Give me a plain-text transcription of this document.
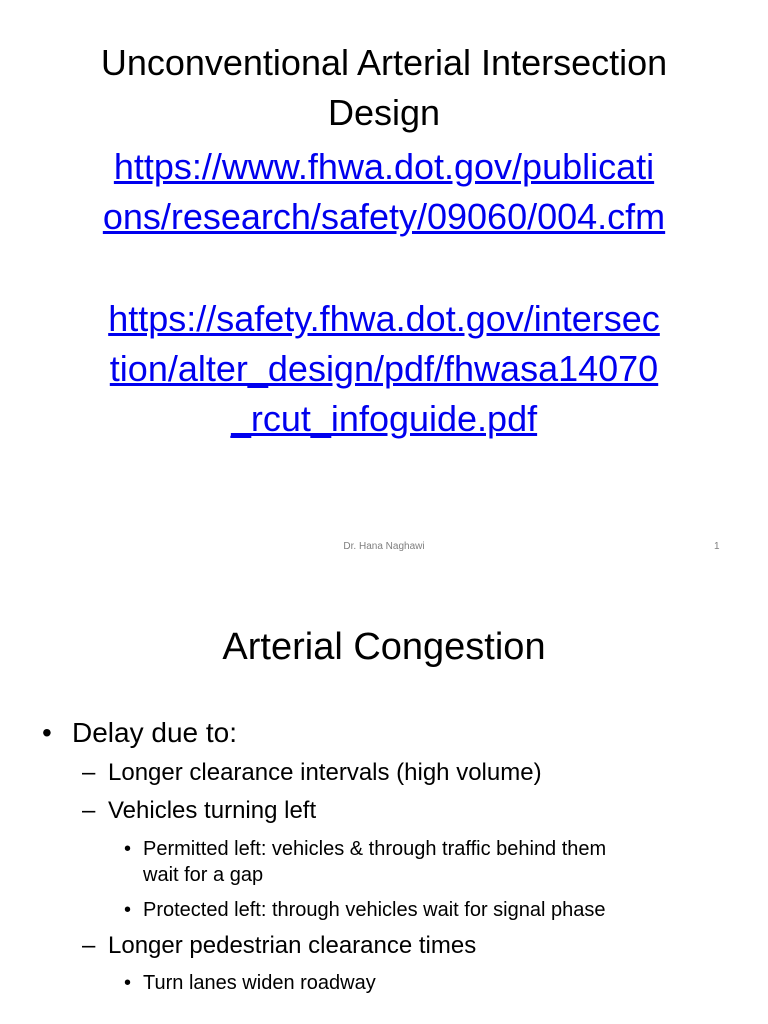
Unconventional Arterial Intersection
Design
https://www.fhwa.dot.gov/publicati
ons/research/safety/09060/004.cfm
https://safety.fhwa.dot.gov/intersec
tion/alter_design/pdf/fhwasa14070
_rcut_infoguide.pdf
Dr. Hana Naghawi	1
Arterial Congestion
• Delay due to:
– Longer clearance intervals (high volume)
– Vehicles turning left
• Permitted left: vehicles & through traffic behind them
wait for a gap
• Protected left: through vehicles wait for signal phase
– Longer pedestrian clearance times
• Turn lanes widen roadway
